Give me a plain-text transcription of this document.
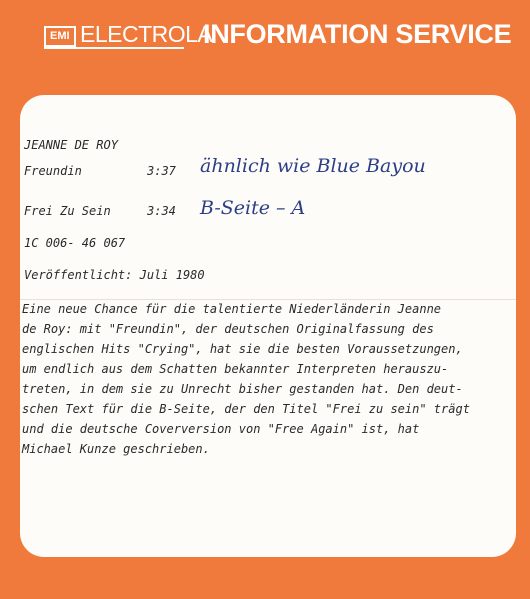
EMI ELECTROLA
INFORMATION SERVICE
JEANNE DE ROY
Freundin	3:37 ähnlich wie Blue Bayou
Frei Zu Sein	3:34 B-Seite – A
1C 006- 46 067
Veröffentlicht: Juli 1980
Eine neue Chance für die talentierte Niederländerin Jeanne
de Roy: mit "Freundin", der deutschen Originalfassung des
englischen Hits "Crying", hat sie die besten Voraussetzungen,
um endlich aus dem Schatten bekannter Interpreten herauszu-
treten, in dem sie zu Unrecht bisher gestanden hat. Den deut-
schen Text für die B-Seite, der den Titel "Frei zu sein" trägt
und die deutsche Coverversion von "Free Again" ist, hat
Michael Kunze geschrieben.
